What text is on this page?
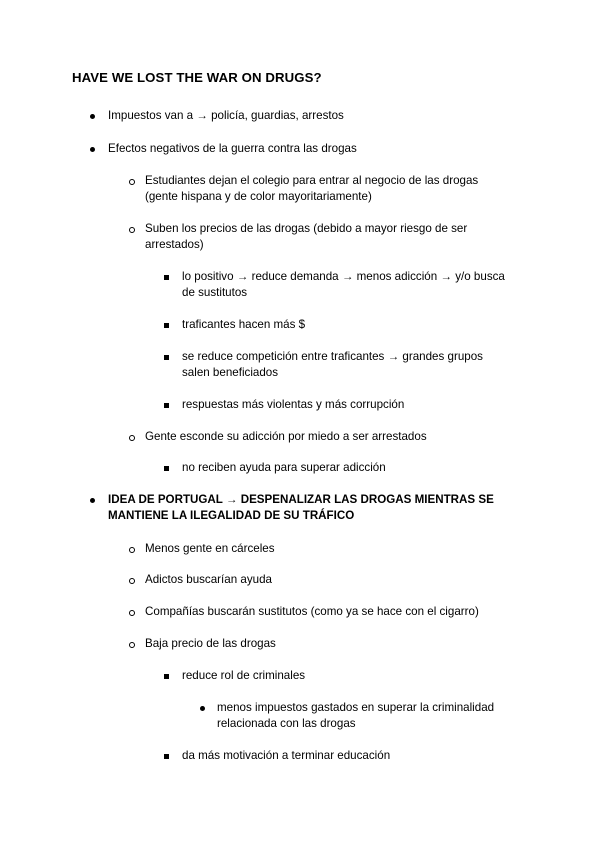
HAVE WE LOST THE WAR ON DRUGS?
Impuestos van a → policía, guardias, arrestos
Efectos negativos de la guerra contra las drogas
Estudiantes dejan el colegio para entrar al negocio de las drogas
(gente hispana y de color mayoritariamente)
Suben los precios de las drogas (debido a mayor riesgo de ser
arrestados)
lo positivo → reduce demanda → menos adicción → y/o busca
de sustitutos
traficantes hacen más $
se reduce competición entre traficantes → grandes grupos
salen beneficiados
respuestas más violentas y más corrupción
Gente esconde su adicción por miedo a ser arrestados
no reciben ayuda para superar adicción
IDEA DE PORTUGAL → DESPENALIZAR LAS DROGAS MIENTRAS SE
MANTIENE LA ILEGALIDAD DE SU TRÁFICO
Menos gente en cárceles
Adictos buscarían ayuda
Compañías buscarán sustitutos (como ya se hace con el cigarro)
Baja precio de las drogas
reduce rol de criminales
menos impuestos gastados en superar la criminalidad
relacionada con las drogas
da más motivación a terminar educación
